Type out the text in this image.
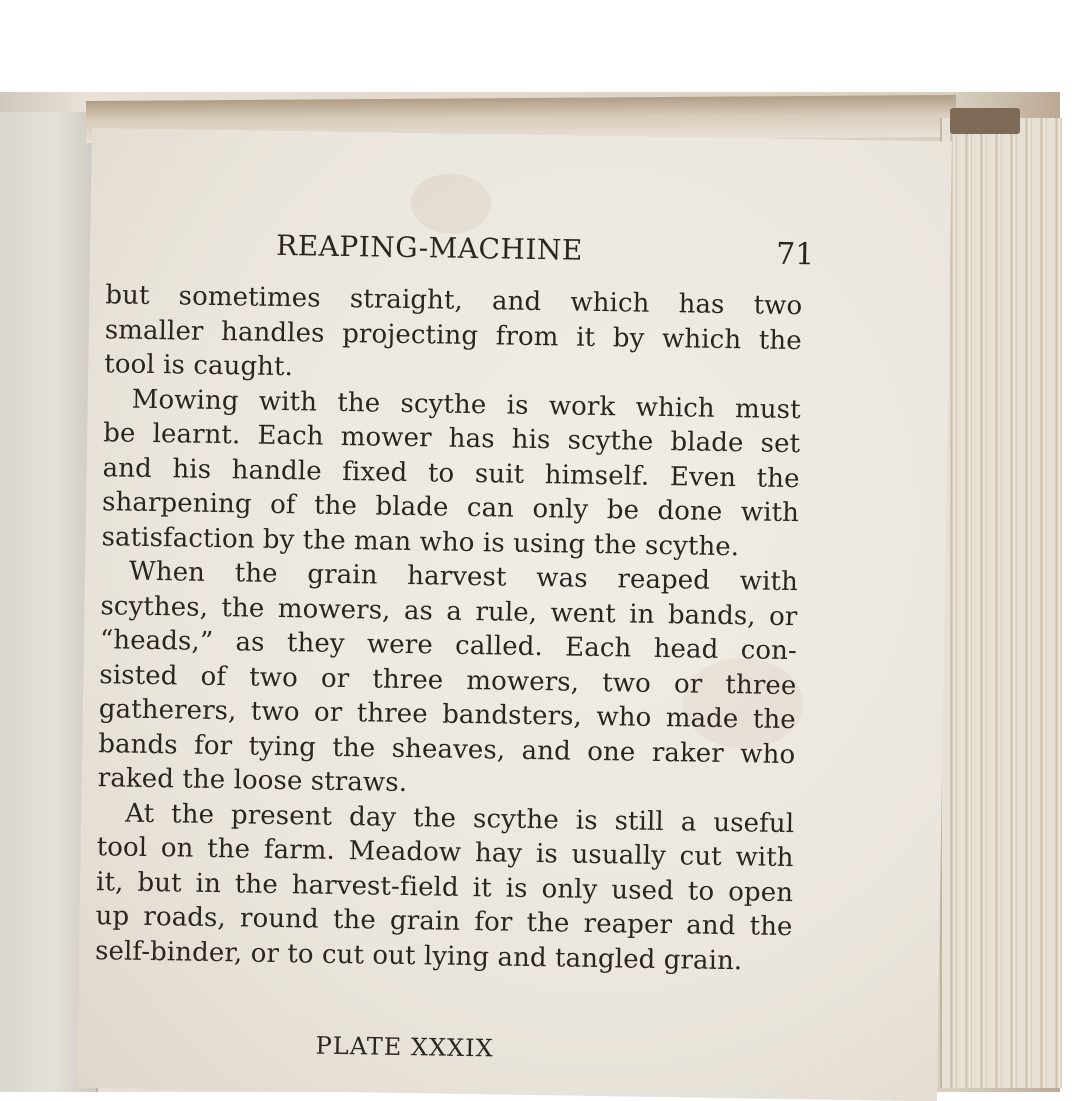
REAPING-MACHINE	71
but sometimes straight, and which has two
smaller handles projecting from it by which the
tool is caught.
Mowing with the scythe is work which must
be learnt. Each mower has his scythe blade set
and his handle fixed to suit himself. Even the
sharpening of the blade can only be done with
satisfaction by the man who is using the scythe.
When the grain harvest was reaped with
scythes, the mowers, as a rule, went in bands, or
“heads,” as they were called. Each head con-
sisted of two or three mowers, two or three
gatherers, two or three bandsters, who made the
bands for tying the sheaves, and one raker who
raked the loose straws.
At the present day the scythe is still a useful
tool on the farm. Meadow hay is usually cut with
it, but in the harvest-field it is only used to open
up roads, round the grain for the reaper and the
self-binder, or to cut out lying and tangled grain.
PLATE XXXIX
